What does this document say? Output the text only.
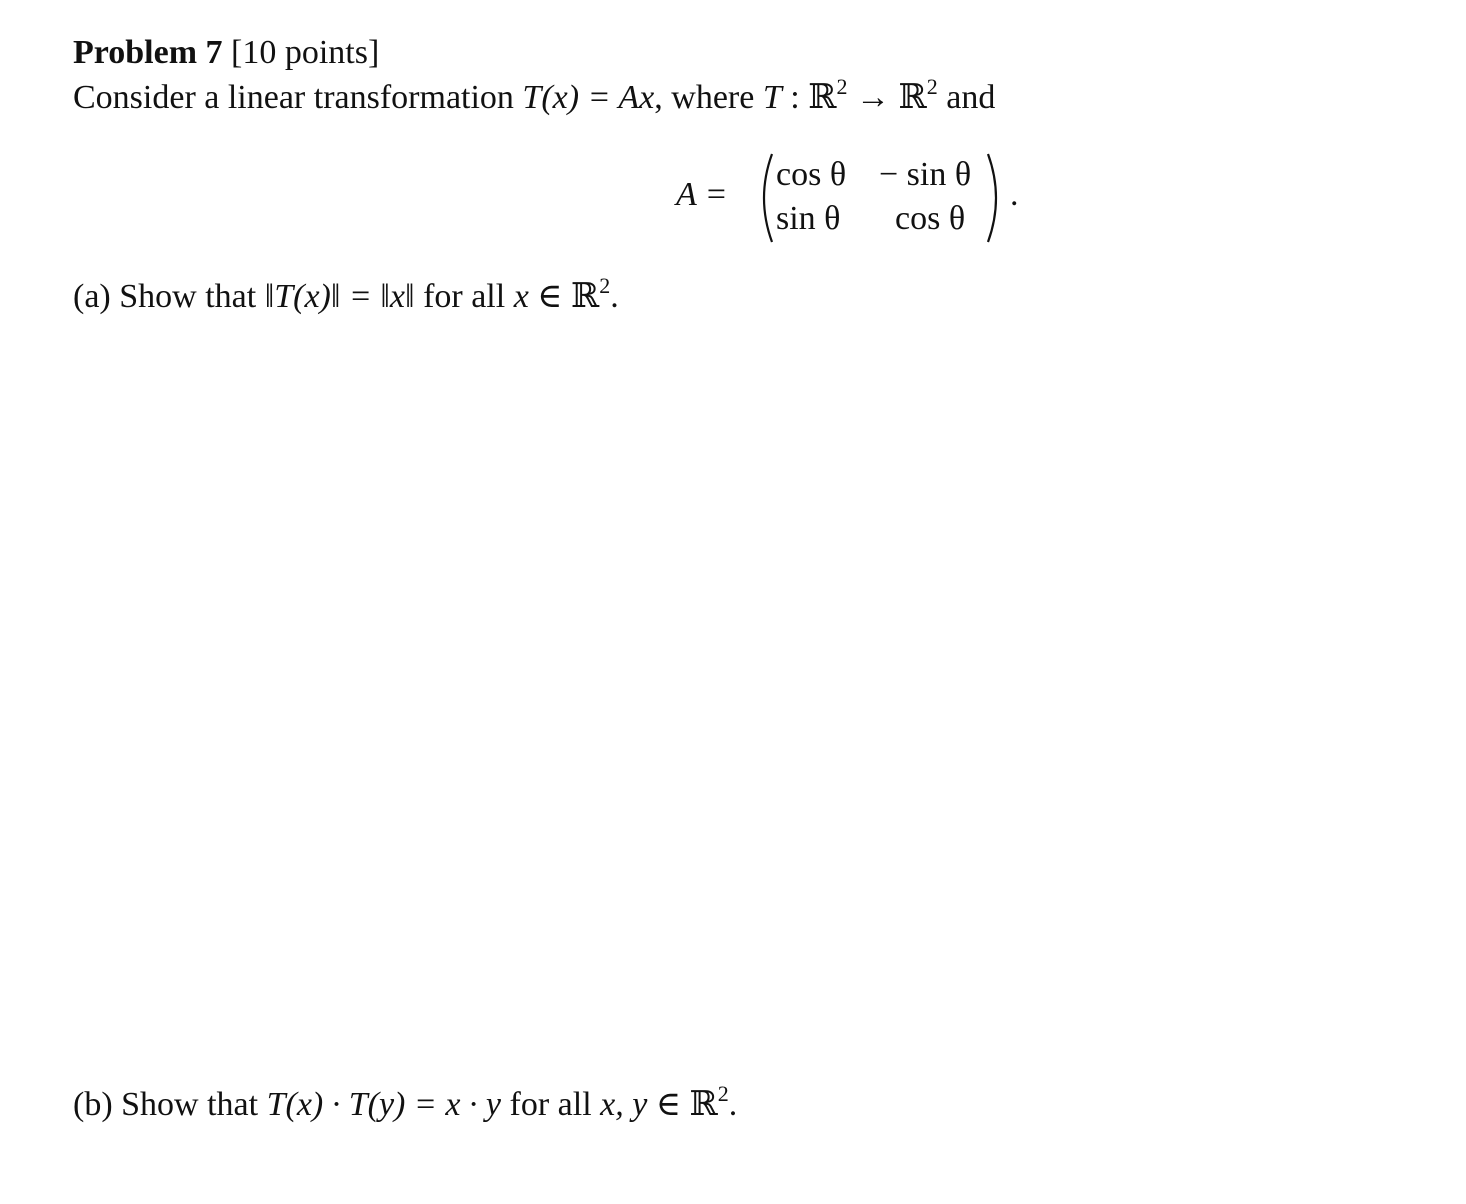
Problem 7 [10 points]
Consider a linear transformation T(x) = Ax, where T : ℝ$^2$ → ℝ$^2$ and
A =
cos θ − sin θ
sin θ cos θ
.
(a) Show that ‖T(x)‖ = ‖x‖ for all x ∈ ℝ$^2$.
(b) Show that T(x) · T(y) = x · y for all x, y ∈ ℝ$^2$.
